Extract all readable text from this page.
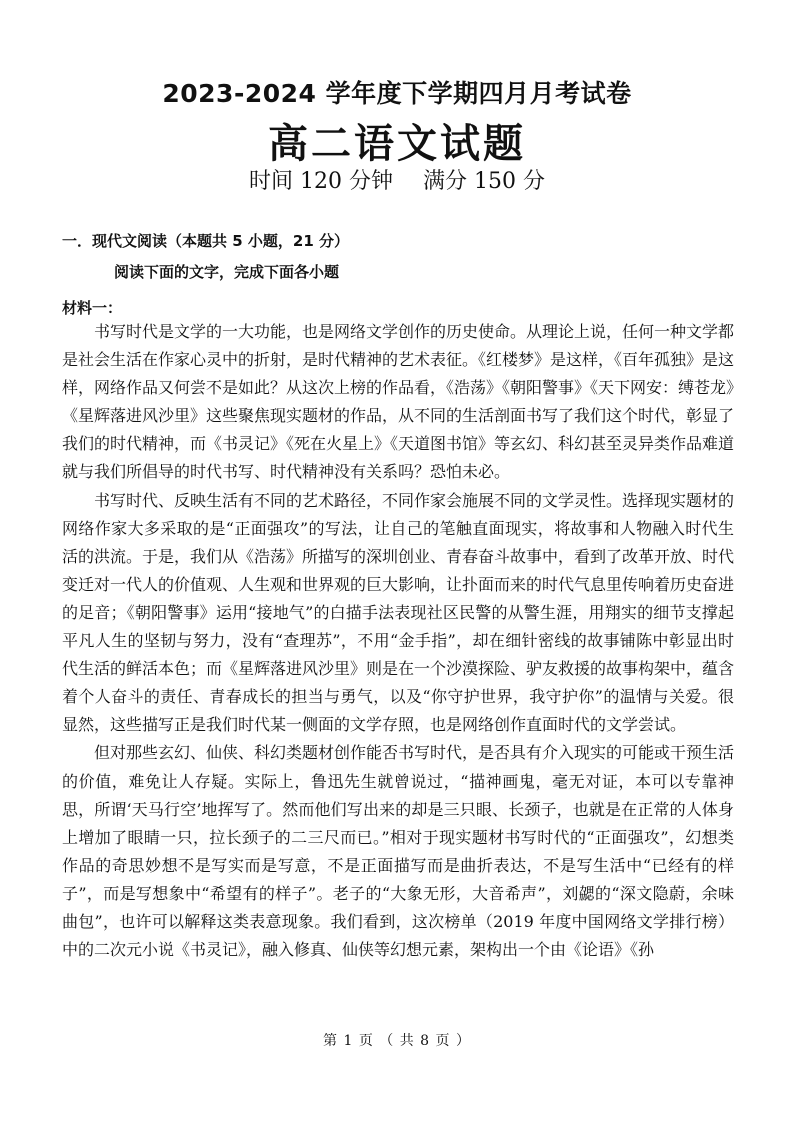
2023-2024 学年度下学期四月月考试卷
高二语文试题
时间 120 分钟 满分 150 分
一．现代文阅读（本题共 5 小题，21 分）
阅读下面的文字，完成下面各小题
材料一：

书写时代是文学的一大功能，也是网络文学创作的历史使命。从理论上说，任何一种文学都是社会生活在作家心灵中的折射，是时代精神的艺术表征。《红楼梦》是这样，《百年孤独》是这样，网络作品又何尝不是如此？从这次上榜的作品看，《浩荡》《朝阳警事》《天下网安：缚苍龙》《星辉落进风沙里》这些聚焦现实题材的作品，从不同的生活剖面书写了我们这个时代，彰显了我们的时代精神，而《书灵记》《死在火星上》《天道图书馆》等玄幻、科幻甚至灵异类作品难道就与我们所倡导的时代书写、时代精神没有关系吗？恐怕未必。

书写时代、反映生活有不同的艺术路径，不同作家会施展不同的文学灵性。选择现实题材的网络作家大多采取的是“正面强攻”的写法，让自己的笔触直面现实，将故事和人物融入时代生活的洪流。于是，我们从《浩荡》所描写的深圳创业、青春奋斗故事中，看到了改革开放、时代变迁对一代人的价值观、人生观和世界观的巨大影响，让扑面而来的时代气息里传响着历史奋进的足音；《朝阳警事》运用“接地气”的白描手法表现社区民警的从警生涯，用翔实的细节支撑起平凡人生的坚韧与努力，没有“查理苏”，不用“金手指”，却在细针密线的故事铺陈中彰显出时代生活的鲜活本色；而《星辉落进风沙里》则是在一个沙漠探险、驴友救援的故事构架中，蕴含着个人奋斗的责任、青春成长的担当与勇气，以及“你守护世界，我守护你”的温情与关爱。很显然，这些描写正是我们时代某一侧面的文学存照，也是网络创作直面时代的文学尝试。

但对那些玄幻、仙侠、科幻类题材创作能否书写时代，是否具有介入现实的可能或干预生活的价值，难免让人存疑。实际上，鲁迅先生就曾说过，“描神画鬼，毫无对证，本可以专靠神思，所谓‘天马行空’地挥写了。然而他们写出来的却是三只眼、长颈子，也就是在正常的人体身上增加了眼睛一只，拉长颈子的二三尺而已。”相对于现实题材书写时代的“正面强攻”，幻想类作品的奇思妙想不是写实而是写意，不是正面描写而是曲折表达，不是写生活中“已经有的样子”，而是写想象中“希望有的样子”。老子的“大象无形，大音希声”，刘勰的“深文隐蔚，余味曲包”，也许可以解释这类表意现象。我们看到，这次榜单（2019 年度中国网络文学排行榜）中的二次元小说《书灵记》，融入修真、仙侠等幻想元素，架构出一个由《论语》《孙

第 1 页 （ 共 8 页 ）
